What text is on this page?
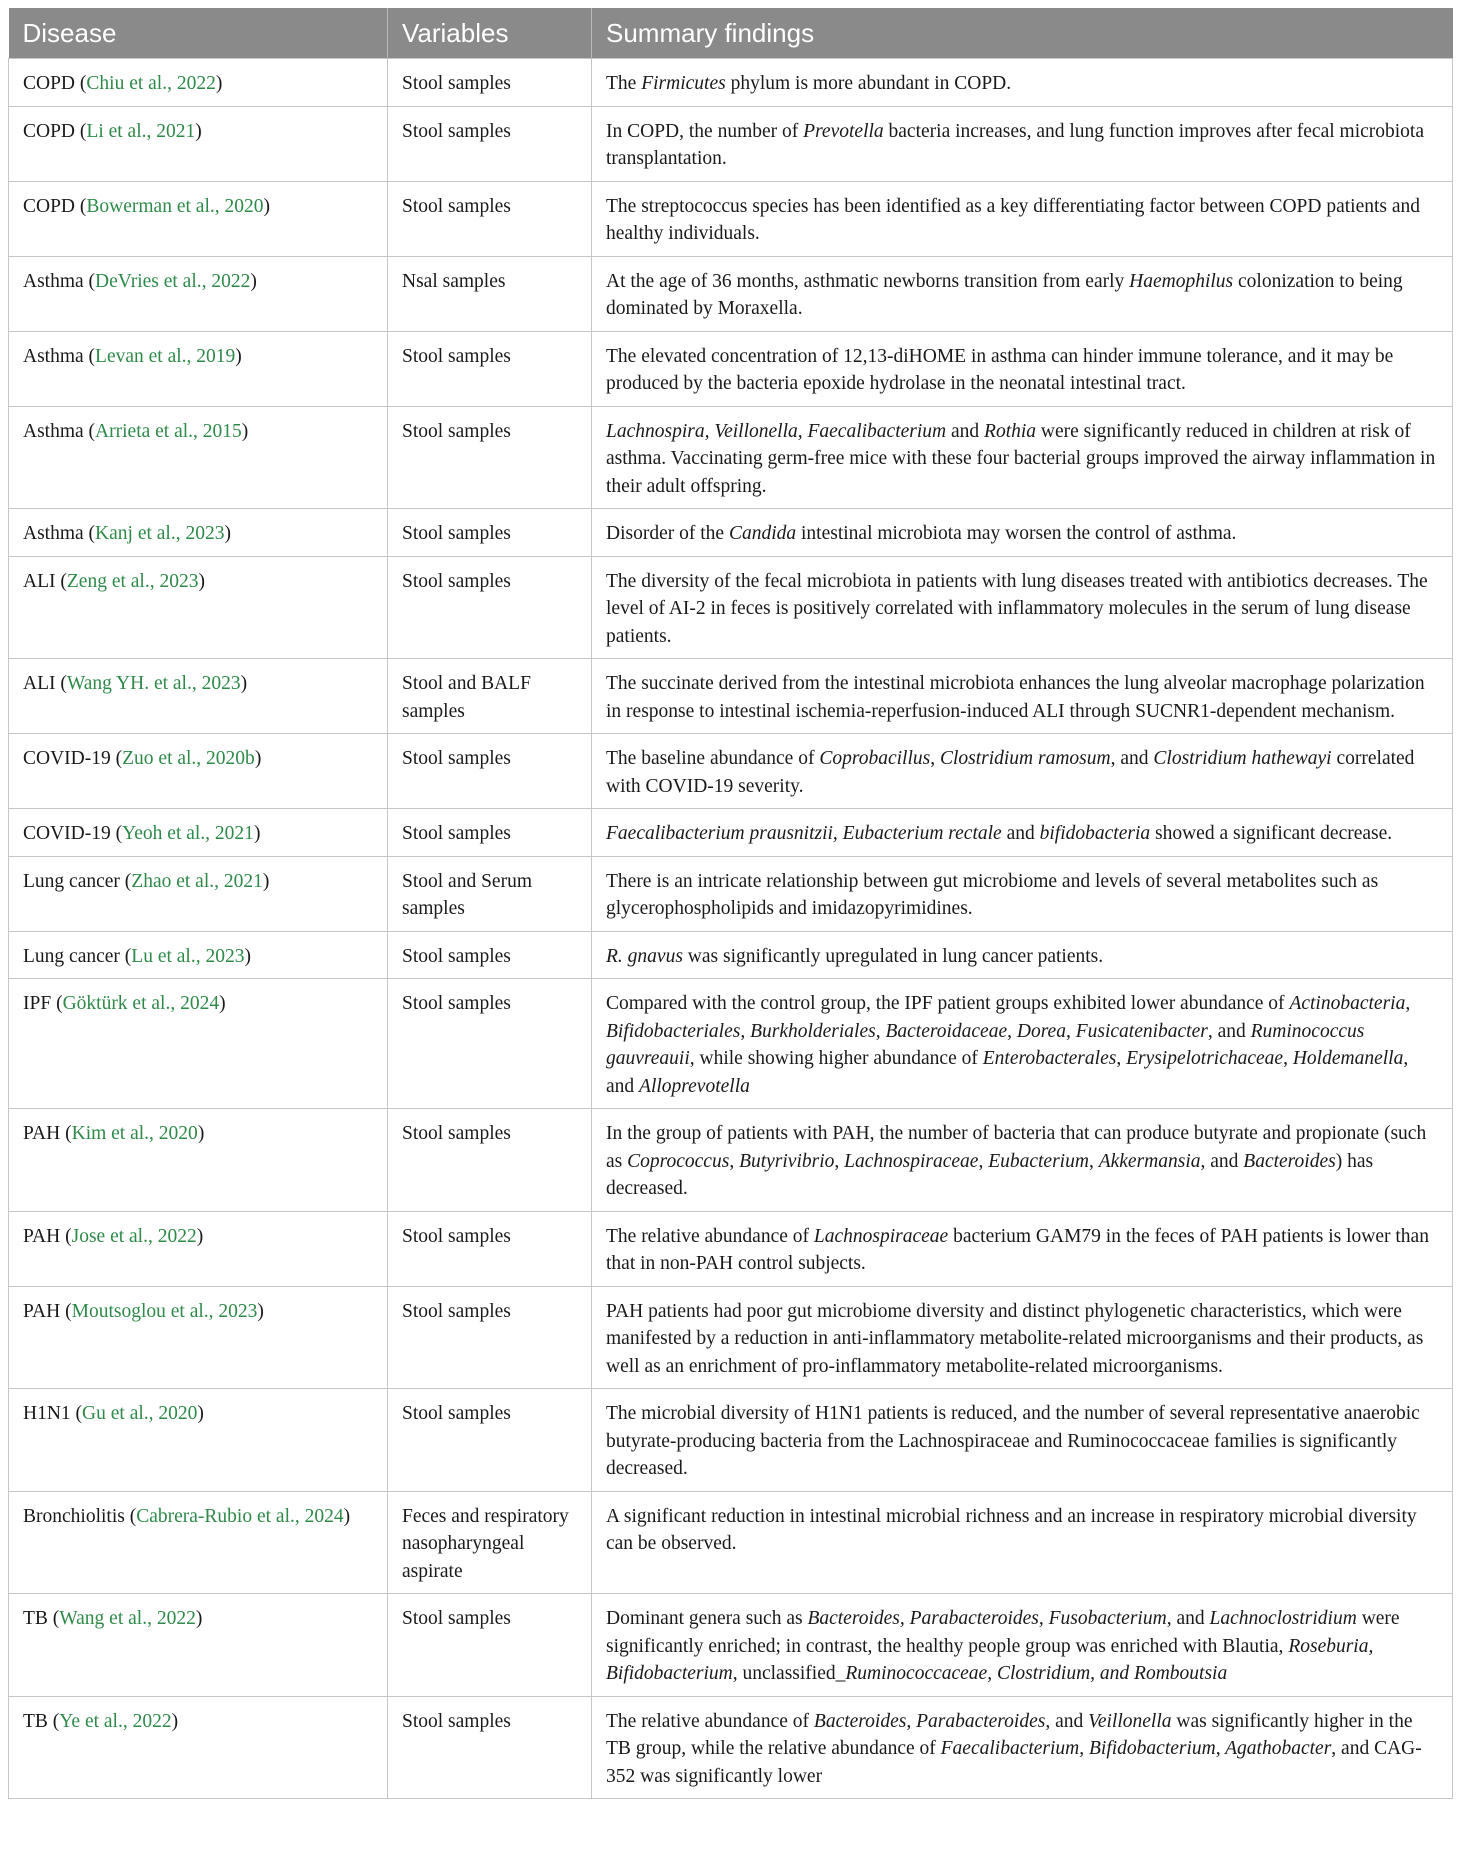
Disease	Variables	Summary findings
COPD (Chiu et al., 2022)	Stool samples	The Firmicutes phylum is more abundant in COPD.
COPD (Li et al., 2021)	Stool samples	In COPD, the number of Prevotella bacteria increases, and lung function improves after fecal microbiota transplantation.
COPD (Bowerman et al., 2020)	Stool samples	The streptococcus species has been identified as a key differentiating factor between COPD patients and healthy individuals.
Asthma (DeVries et al., 2022)	Nsal samples	At the age of 36 months, asthmatic newborns transition from early Haemophilus colonization to being dominated by Moraxella.
Asthma (Levan et al., 2019)	Stool samples	The elevated concentration of 12,13-diHOME in asthma can hinder immune tolerance, and it may be produced by the bacteria epoxide hydrolase in the neonatal intestinal tract.
Asthma (Arrieta et al., 2015)	Stool samples	Lachnospira, Veillonella, Faecalibacterium and Rothia were significantly reduced in children at risk of asthma. Vaccinating germ-free mice with these four bacterial groups improved the airway inflammation in their adult offspring.
Asthma (Kanj et al., 2023)	Stool samples	Disorder of the Candida intestinal microbiota may worsen the control of asthma.
ALI (Zeng et al., 2023)	Stool samples	The diversity of the fecal microbiota in patients with lung diseases treated with antibiotics decreases. The level of AI-2 in feces is positively correlated with inflammatory molecules in the serum of lung disease patients.
ALI (Wang YH. et al., 2023)	Stool and BALF samples	The succinate derived from the intestinal microbiota enhances the lung alveolar macrophage polarization in response to intestinal ischemia-reperfusion-induced ALI through SUCNR1-dependent mechanism.
COVID-19 (Zuo et al., 2020b)	Stool samples	The baseline abundance of Coprobacillus, Clostridium ramosum, and Clostridium hathewayi correlated with COVID-19 severity.
COVID-19 (Yeoh et al., 2021)	Stool samples	Faecalibacterium prausnitzii, Eubacterium rectale and bifidobacteria showed a significant decrease.
Lung cancer (Zhao et al., 2021)	Stool and Serum samples	There is an intricate relationship between gut microbiome and levels of several metabolites such as glycerophospholipids and imidazopyrimidines.
Lung cancer (Lu et al., 2023)	Stool samples	R. gnavus was significantly upregulated in lung cancer patients.
IPF (Göktürk et al., 2024)	Stool samples	Compared with the control group, the IPF patient groups exhibited lower abundance of Actinobacteria, Bifidobacteriales, Burkholderiales, Bacteroidaceae, Dorea, Fusicatenibacter, and Ruminococcus gauvreauii, while showing higher abundance of Enterobacterales, Erysipelotrichaceae, Holdemanella, and Alloprevotella
PAH (Kim et al., 2020)	Stool samples	In the group of patients with PAH, the number of bacteria that can produce butyrate and propionate (such as Coprococcus, Butyrivibrio, Lachnospiraceae, Eubacterium, Akkermansia, and Bacteroides) has decreased.
PAH (Jose et al., 2022)	Stool samples	The relative abundance of Lachnospiraceae bacterium GAM79 in the feces of PAH patients is lower than that in non-PAH control subjects.
PAH (Moutsoglou et al., 2023)	Stool samples	PAH patients had poor gut microbiome diversity and distinct phylogenetic characteristics, which were manifested by a reduction in anti-inflammatory metabolite-related microorganisms and their products, as well as an enrichment of pro-inflammatory metabolite-related microorganisms.
H1N1 (Gu et al., 2020)	Stool samples	The microbial diversity of H1N1 patients is reduced, and the number of several representative anaerobic butyrate-producing bacteria from the Lachnospiraceae and Ruminococcaceae families is significantly decreased.
Bronchiolitis (Cabrera-Rubio et al., 2024)	Feces and respiratory nasopharyngeal aspirate	A significant reduction in intestinal microbial richness and an increase in respiratory microbial diversity can be observed.
TB (Wang et al., 2022)	Stool samples	Dominant genera such as Bacteroides, Parabacteroides, Fusobacterium, and Lachnoclostridium were significantly enriched; in contrast, the healthy people group was enriched with Blautia, Roseburia, Bifidobacterium, unclassified_Ruminococcaceae, Clostridium, and Romboutsia
TB (Ye et al., 2022)	Stool samples	The relative abundance of Bacteroides, Parabacteroides, and Veillonella was significantly higher in the TB group, while the relative abundance of Faecalibacterium, Bifidobacterium, Agathobacter, and CAG-352 was significantly lower
